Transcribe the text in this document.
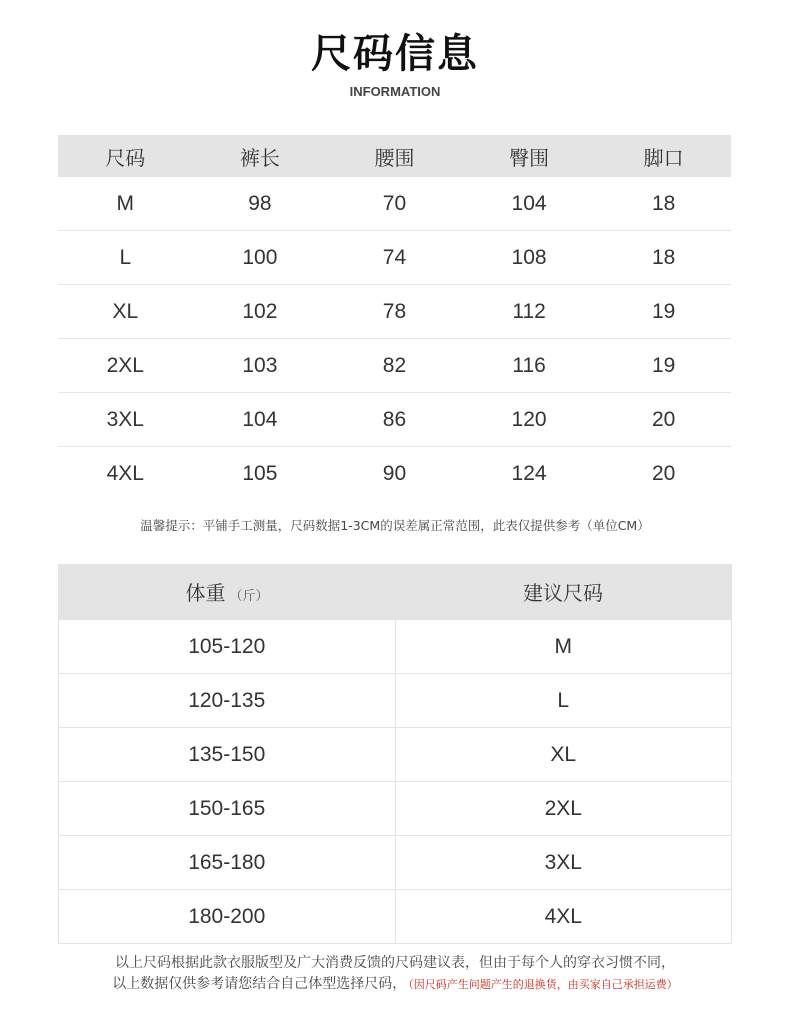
尺码信息
INFORMATION
尺码	裤长	腰围	臀围	脚口
M	98	70	104	18
L	100	74	108	18
XL	102	78	112	19
2XL	103	82	116	19
3XL	104	86	120	20
4XL	105	90	124	20
温馨提示：平铺手工测量，尺码数据1-3CM的误差属正常范围，此表仅提供参考（单位CM）
体重 （斤）	建议尺码
105-120	M
120-135	L
135-150	XL
150-165	2XL
165-180	3XL
180-200	4XL
以上尺码根据此款衣服版型及广大消费反馈的尺码建议表，但由于每个人的穿衣习惯不同，
以上数据仅供参考请您结合自己体型选择尺码， （因尺码产生问题产生的退换货，由买家自己承担运费）
